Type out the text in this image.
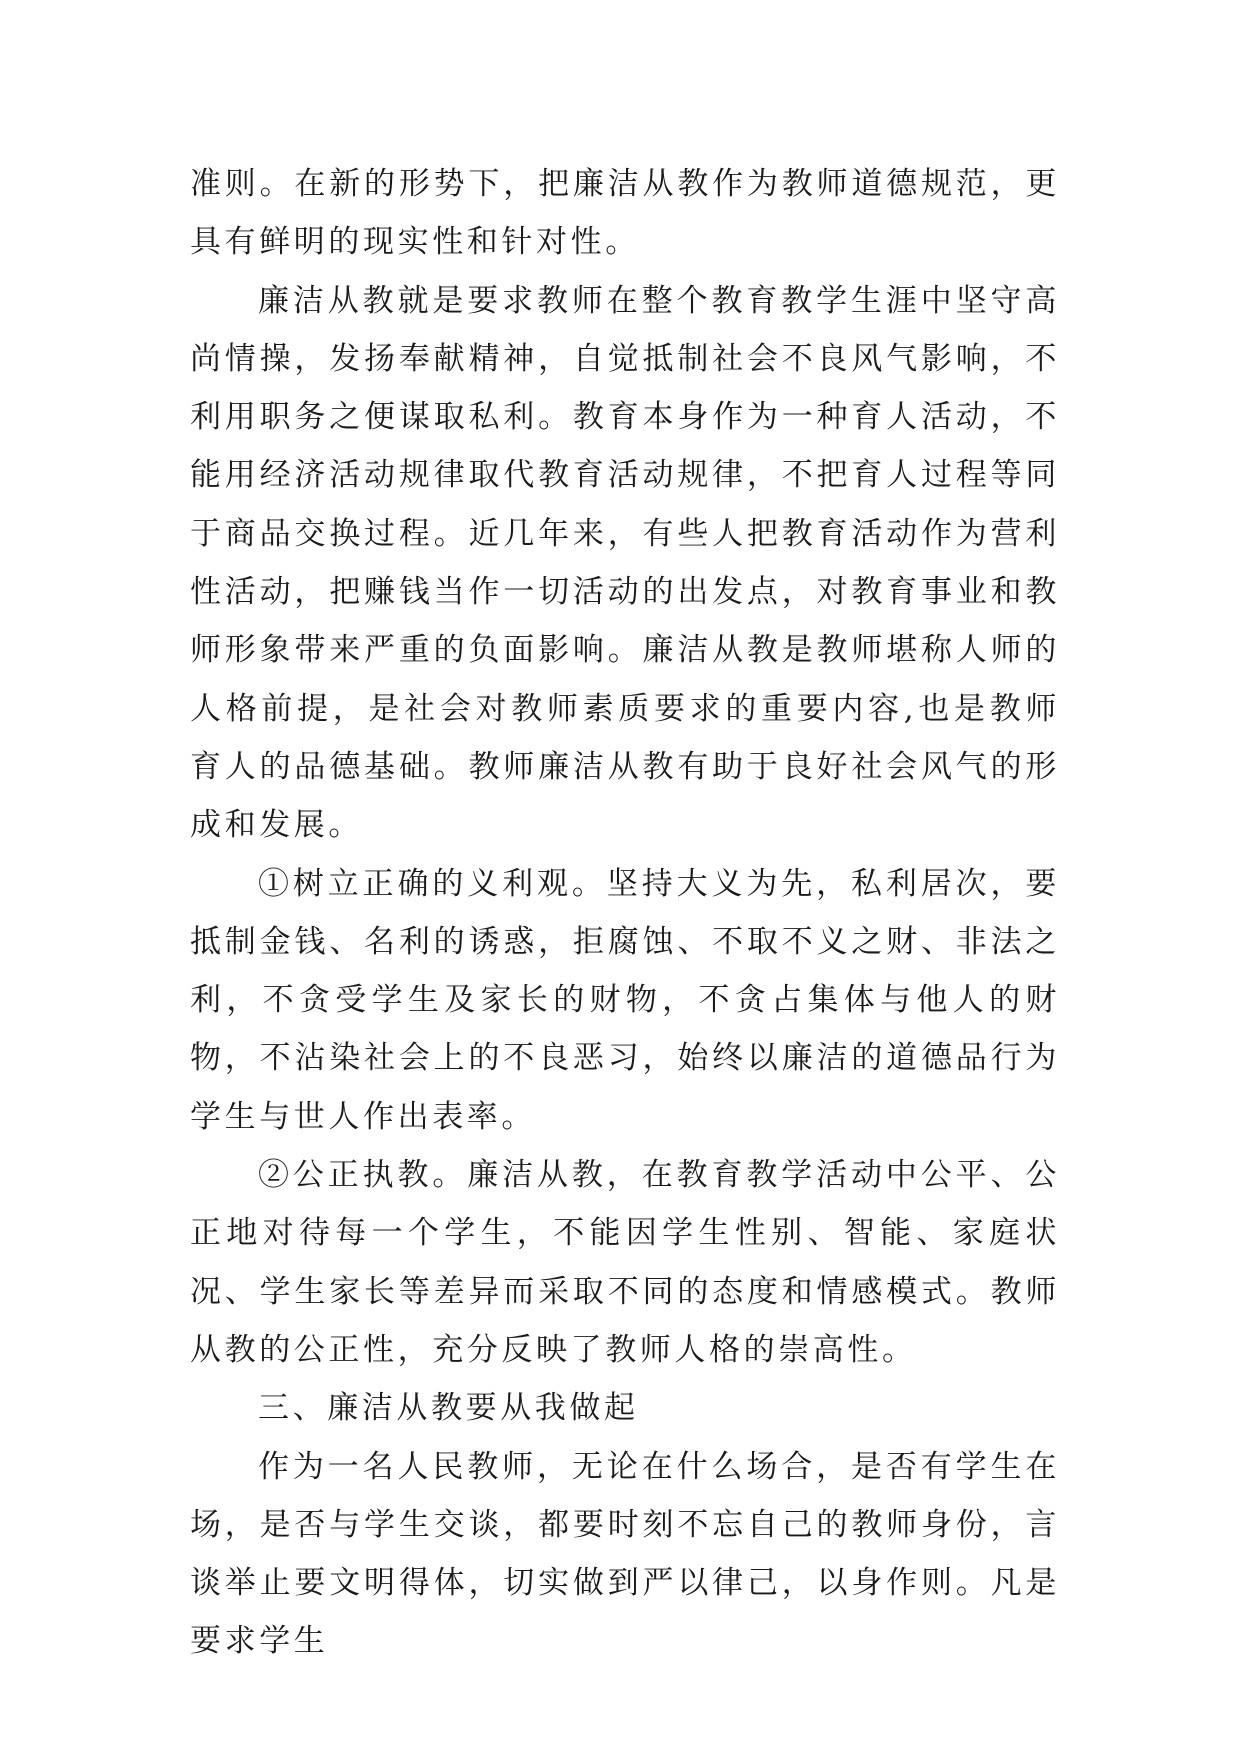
准则。在新的形势下，把廉洁从教作为教师道德规范，更具有鲜明的现实性和针对性。

廉洁从教就是要求教师在整个教育教学生涯中坚守高尚情操，发扬奉献精神，自觉抵制社会不良风气影响，不利用职务之便谋取私利。教育本身作为一种育人活动，不能用经济活动规律取代教育活动规律，不把育人过程等同于商品交换过程。近几年来，有些人把教育活动作为营利性活动，把赚钱当作一切活动的出发点，对教育事业和教师形象带来严重的负面影响。廉洁从教是教师堪称人师的人格前提，是社会对教师素质要求的重要内容,也是教师育人的品德基础。教师廉洁从教有助于良好社会风气的形成和发展。

①树立正确的义利观。坚持大义为先，私利居次，要抵制金钱、名利的诱惑，拒腐蚀、不取不义之财、非法之利，不贪受学生及家长的财物，不贪占集体与他人的财物，不沾染社会上的不良恶习，始终以廉洁的道德品行为学生与世人作出表率。

②公正执教。廉洁从教，在教育教学活动中公平、公正地对待每一个学生，不能因学生性别、智能、家庭状况、学生家长等差异而采取不同的态度和情感模式。教师从教的公正性，充分反映了教师人格的崇高性。

三、廉洁从教要从我做起

作为一名人民教师，无论在什么场合，是否有学生在场，是否与学生交谈，都要时刻不忘自己的教师身份，言谈举止要文明得体，切实做到严以律己，以身作则。凡是要求学生
